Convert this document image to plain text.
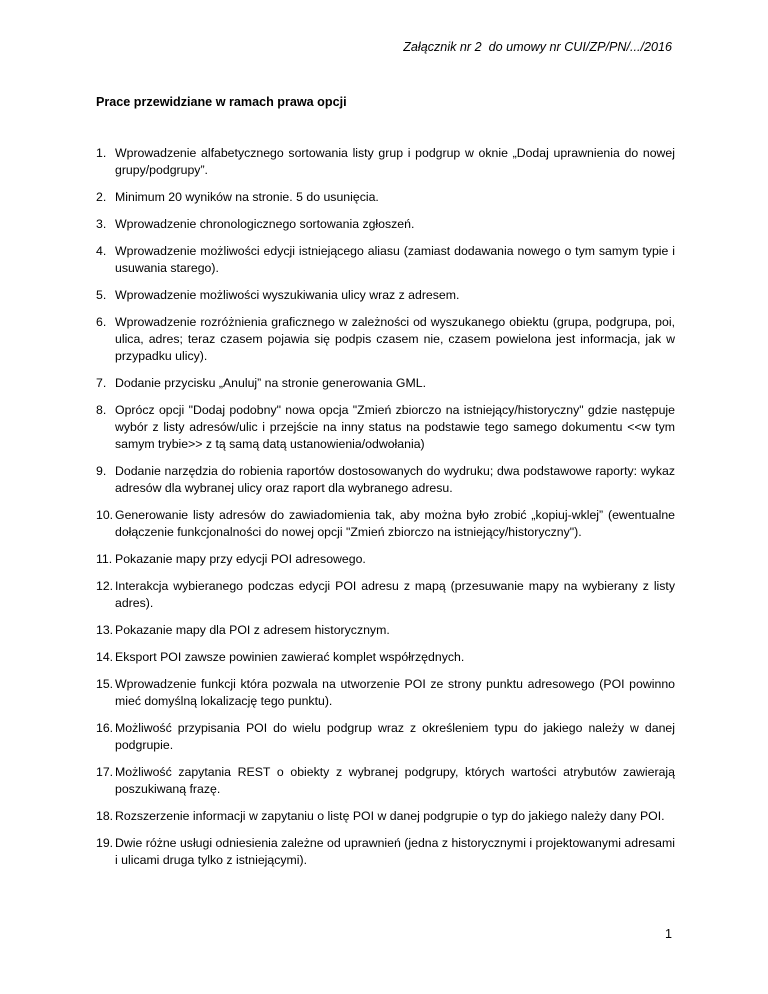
Załącznik nr 2  do umowy nr CUI/ZP/PN/.../2016
Prace przewidziane w ramach prawa opcji
1. Wprowadzenie alfabetycznego sortowania listy grup i podgrup w oknie „Dodaj uprawnienia do nowej grupy/podgrupy”.
2. Minimum 20 wyników na stronie. 5 do usunięcia.
3. Wprowadzenie chronologicznego sortowania zgłoszeń.
4. Wprowadzenie możliwości edycji istniejącego aliasu (zamiast dodawania nowego o tym samym typie i usuwania starego).
5. Wprowadzenie możliwości wyszukiwania ulicy wraz z adresem.
6. Wprowadzenie rozróżnienia graficznego w zależności od wyszukanego obiektu (grupa, podgrupa, poi, ulica, adres; teraz czasem pojawia się podpis czasem nie, czasem powielona jest informacja, jak w przypadku ulicy).
7. Dodanie przycisku „Anuluj” na stronie generowania GML.
8. Oprócz opcji "Dodaj podobny" nowa opcja "Zmień zbiorczo na istniejący/historyczny" gdzie następuje wybór z listy adresów/ulic i przejście na inny status na podstawie tego samego dokumentu <<w tym samym trybie>> z tą samą datą ustanowienia/odwołania)
9. Dodanie narzędzia do robienia raportów dostosowanych do wydruku; dwa podstawowe raporty: wykaz adresów dla wybranej ulicy oraz raport dla wybranego adresu.
10. Generowanie listy adresów do zawiadomienia tak, aby można było zrobić „kopiuj-wklej” (ewentualne dołączenie funkcjonalności do nowej opcji "Zmień zbiorczo na istniejący/historyczny").
11. Pokazanie mapy przy edycji POI adresowego.
12. Interakcja wybieranego podczas edycji POI adresu z mapą (przesuwanie mapy na wybierany z listy adres).
13. Pokazanie mapy dla POI z adresem historycznym.
14. Eksport POI zawsze powinien zawierać komplet współrzędnych.
15. Wprowadzenie funkcji która pozwala na utworzenie POI ze strony punktu adresowego (POI powinno mieć domyślną lokalizację tego punktu).
16. Możliwość przypisania POI do wielu podgrup wraz z określeniem typu do jakiego należy w danej podgrupie.
17. Możliwość zapytania REST o obiekty z wybranej podgrupy, których wartości atrybutów zawierają poszukiwaną frazę.
18. Rozszerzenie informacji w zapytaniu o listę POI w danej podgrupie o typ do jakiego należy dany POI.
19. Dwie różne usługi odniesienia zależne od uprawnień (jedna z historycznymi i projektowanymi adresami i ulicami druga tylko z istniejącymi).
1
